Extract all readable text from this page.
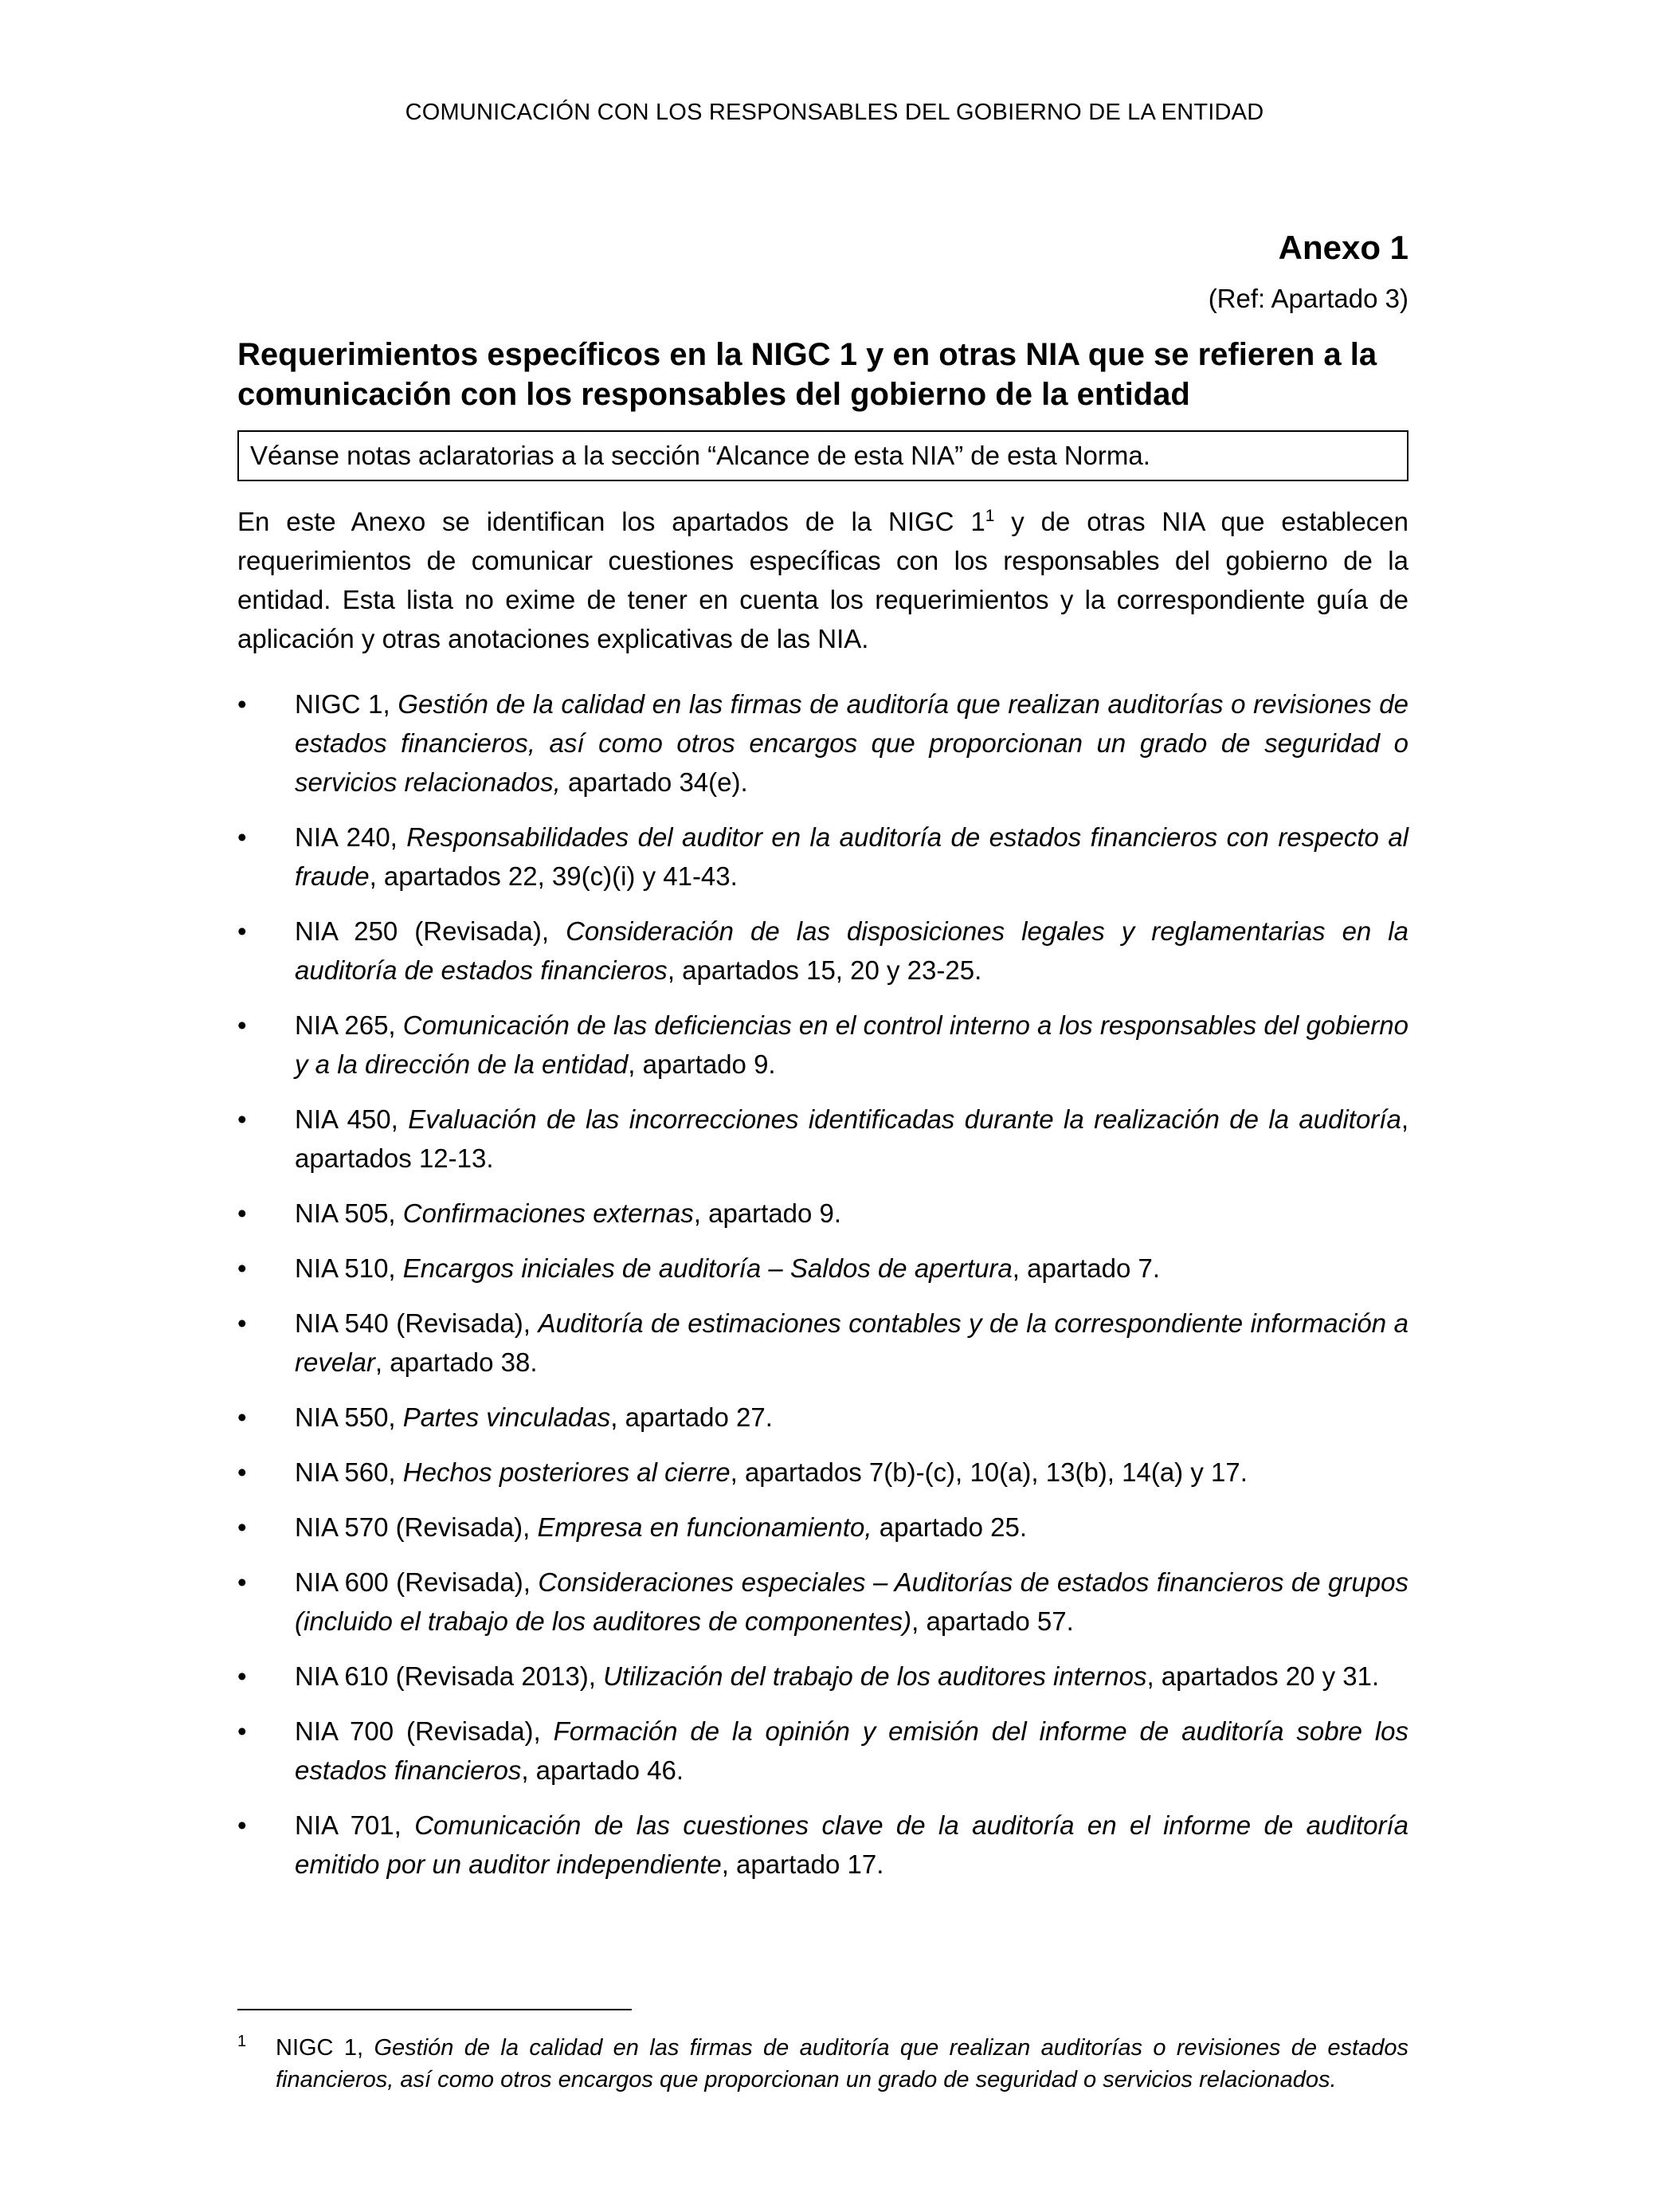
COMUNICACIÓN CON LOS RESPONSABLES DEL GOBIERNO DE LA ENTIDAD
Anexo 1
(Ref: Apartado 3)
Requerimientos específicos en la NIGC 1 y en otras NIA que se refieren a la comunicación con los responsables del gobierno de la entidad
Véanse notas aclaratorias a la sección “Alcance de esta NIA” de esta Norma.

En este Anexo se identifican los apartados de la NIGC $1^1$ y de otras NIA que establecen requerimientos de comunicar cuestiones específicas con los responsables del gobierno de la entidad. Esta lista no exime de tener en cuenta los requerimientos y la correspondiente guía de aplicación y otras anotaciones explicativas de las NIA.

• NIGC 1, Gestión de la calidad en las firmas de auditoría que realizan auditorías o revisiones de estados financieros, así como otros encargos que proporcionan un grado de seguridad o servicios relacionados, apartado 34(e).
• NIA 240, Responsabilidades del auditor en la auditoría de estados financieros con respecto al fraude, apartados 22, 39(c)(i) y 41-43.
• NIA 250 (Revisada), Consideración de las disposiciones legales y reglamentarias en la auditoría de estados financieros, apartados 15, 20 y 23-25.
• NIA 265, Comunicación de las deficiencias en el control interno a los responsables del gobierno y a la dirección de la entidad, apartado 9.
• NIA 450, Evaluación de las incorrecciones identificadas durante la realización de la auditoría, apartados 12-13.
• NIA 505, Confirmaciones externas, apartado 9.
• NIA 510, Encargos iniciales de auditoría – Saldos de apertura, apartado 7.
• NIA 540 (Revisada), Auditoría de estimaciones contables y de la correspondiente información a revelar, apartado 38.
• NIA 550, Partes vinculadas, apartado 27.
• NIA 560, Hechos posteriores al cierre, apartados 7(b)-(c), 10(a), 13(b), 14(a) y 17.
• NIA 570 (Revisada), Empresa en funcionamiento, apartado 25.
• NIA 600 (Revisada), Consideraciones especiales – Auditorías de estados financieros de grupos (incluido el trabajo de los auditores de componentes), apartado 57.
• NIA 610 (Revisada 2013), Utilización del trabajo de los auditores internos, apartados 20 y 31.
• NIA 700 (Revisada), Formación de la opinión y emisión del informe de auditoría sobre los estados financieros, apartado 46.
• NIA 701, Comunicación de las cuestiones clave de la auditoría en el informe de auditoría emitido por un auditor independiente, apartado 17.
1	NIGC 1, Gestión de la calidad en las firmas de auditoría que realizan auditorías o revisiones de estados financieros, así como otros encargos que proporcionan un grado de seguridad o servicios relacionados.
